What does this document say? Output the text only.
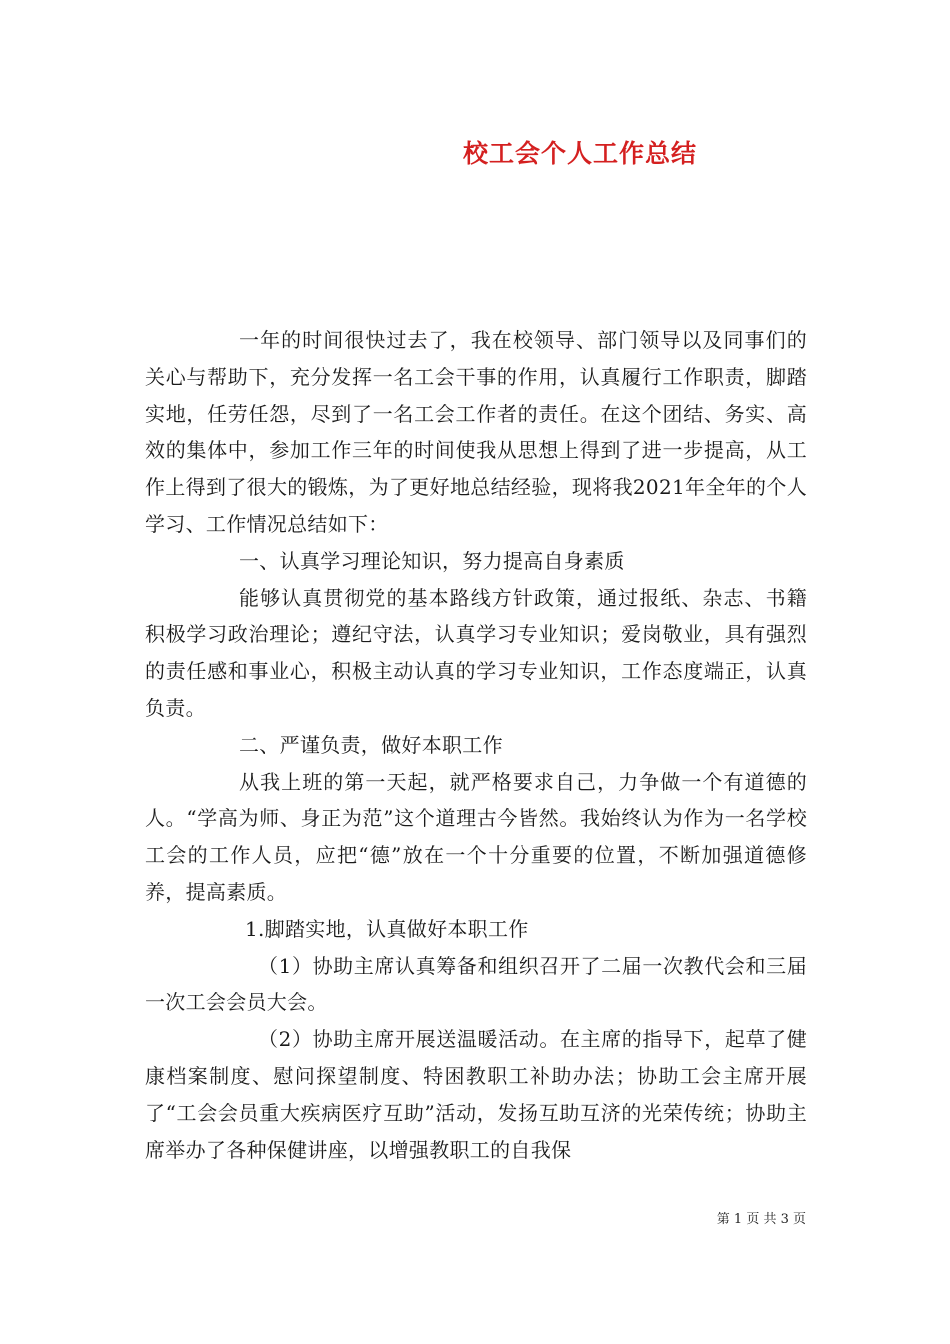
校工会个人工作总结

一年的时间很快过去了，我在校领导、部门领导以及同事们的关心与帮助下，充分发挥一名工会干事的作用，认真履行工作职责，脚踏实地，任劳任怨，尽到了一名工会工作者的责任。在这个团结、务实、高效的集体中，参加工作三年的时间使我从思想上得到了进一步提高，从工作上得到了很大的锻炼，为了更好地总结经验，现将我2021年全年的个人学习、工作情况总结如下：

一、认真学习理论知识，努力提高自身素质

能够认真贯彻党的基本路线方针政策，通过报纸、杂志、书籍积极学习政治理论；遵纪守法，认真学习专业知识；爱岗敬业，具有强烈的责任感和事业心，积极主动认真的学习专业知识，工作态度端正，认真负责。

二、严谨负责，做好本职工作

从我上班的第一天起，就严格要求自己，力争做一个有道德的人。“学高为师、身正为范”这个道理古今皆然。我始终认为作为一名学校工会的工作人员，应把“德”放在一个十分重要的位置，不断加强道德修养，提高素质。

1.脚踏实地，认真做好本职工作

（1）协助主席认真筹备和组织召开了二届一次教代会和三届一次工会会员大会。

（2）协助主席开展送温暖活动。在主席的指导下，起草了健康档案制度、慰问探望制度、特困教职工补助办法；协助工会主席开展了“工会会员重大疾病医疗互助”活动，发扬互助互济的光荣传统；协助主席举办了各种保健讲座，以增强教职工的自我保

第 1 页 共 3 页
